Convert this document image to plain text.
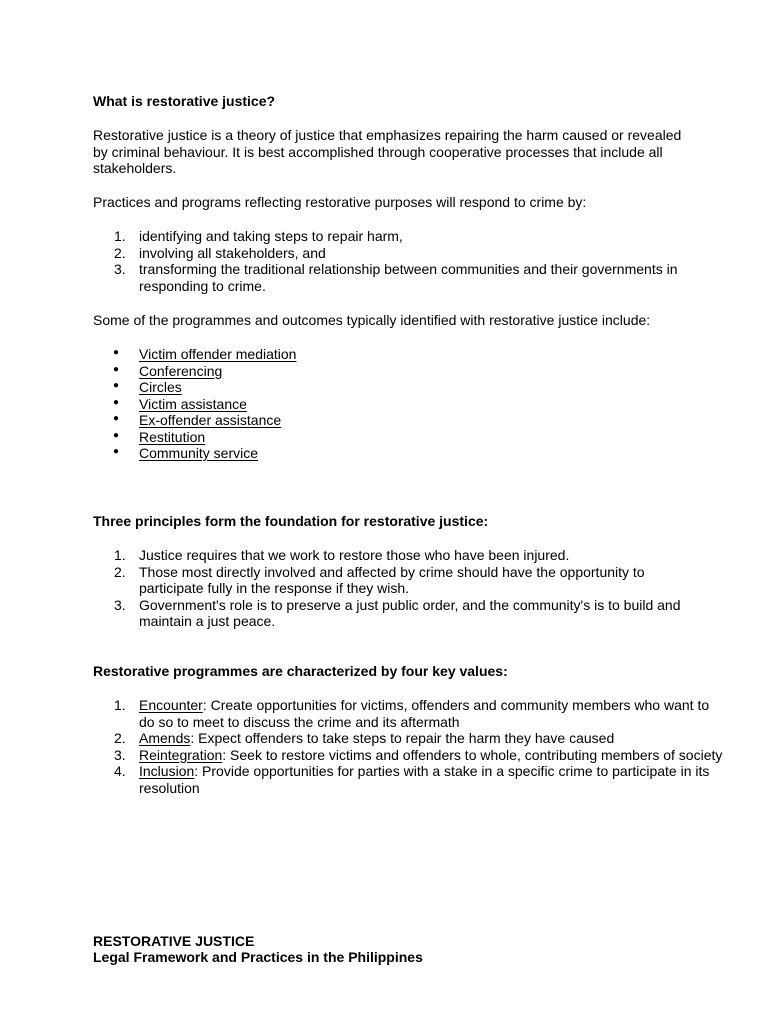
What is restorative justice?

Restorative justice is a theory of justice that emphasizes repairing the harm caused or revealed by criminal behaviour. It is best accomplished through cooperative processes that include all stakeholders.

Practices and programs reflecting restorative purposes will respond to crime by:

1. identifying and taking steps to repair harm,
2. involving all stakeholders, and
3. transforming the traditional relationship between communities and their governments in responding to crime.

Some of the programmes and outcomes typically identified with restorative justice include:

● Victim offender mediation
● Conferencing
● Circles
● Victim assistance
● Ex-offender assistance
● Restitution
● Community service

Three principles form the foundation for restorative justice:

1. Justice requires that we work to restore those who have been injured.
2. Those most directly involved and affected by crime should have the opportunity to participate fully in the response if they wish.
3. Government's role is to preserve a just public order, and the community's is to build and maintain a just peace.

Restorative programmes are characterized by four key values:

1. Encounter: Create opportunities for victims, offenders and community members who want to do so to meet to discuss the crime and its aftermath
2. Amends: Expect offenders to take steps to repair the harm they have caused
3. Reintegration: Seek to restore victims and offenders to whole, contributing members of society
4. Inclusion: Provide opportunities for parties with a stake in a specific crime to participate in its resolution

RESTORATIVE JUSTICE

Legal Framework and Practices in the Philippines
